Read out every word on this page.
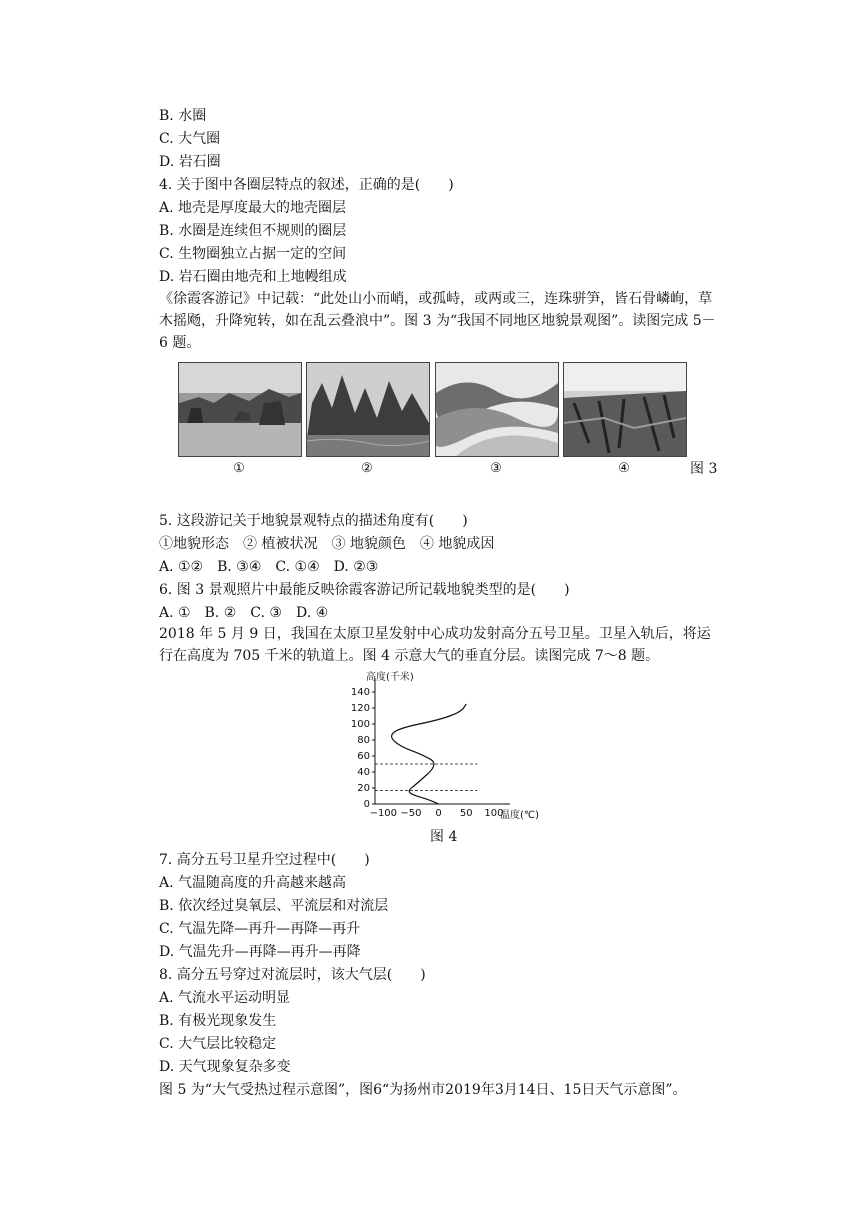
B. 水圈
C. 大气圈
D. 岩石圈
4. 关于图中各圈层特点的叙述，正确的是(　　)
A. 地壳是厚度最大的地壳圈层
B. 水圈是连续但不规则的圈层
C. 生物圈独立占据一定的空间
D. 岩石圈由地壳和上地幔组成
《徐霞客游记》中记载：“此处山小而峭，或孤峙，或两或三，连珠骈笋，皆石骨嶙峋，草木摇飏，升降宛转，如在乱云叠浪中”。图 3 为“我国不同地区地貌景观图”。读图完成 5－6 题。
①	②	③	④	图 3
5. 这段游记关于地貌景观特点的描述角度有(　　)
①地貌形态　② 植被状况　③ 地貌颜色　④ 地貌成因
A. ①②　B. ③④　C. ①④　D. ②③
6. 图 3 景观照片中最能反映徐霞客游记所记载地貌类型的是(　　)
A. ①　B. ②　C. ③　D. ④
2018 年 5 月 9 日，我国在太原卫星发射中心成功发射高分五号卫星。卫星入轨后，将运行在高度为 705 千米的轨道上。图 4 示意大气的垂直分层。读图完成 7～8 题。
高度(千米)
温度(℃)
0
20
40
60
80
100
120
140
−100 −50 0 50 100
图 4
7. 高分五号卫星升空过程中(　　)
A. 气温随高度的升高越来越高
B. 依次经过臭氧层、平流层和对流层
C. 气温先降—再升—再降—再升
D. 气温先升—再降—再升—再降
8. 高分五号穿过对流层时，该大气层(　　)
A. 气流水平运动明显
B. 有极光现象发生
C. 大气层比较稳定
D. 天气现象复杂多变
图 5 为“大气受热过程示意图”，图6“为扬州市2019年3月14日、15日天气示意图”。
